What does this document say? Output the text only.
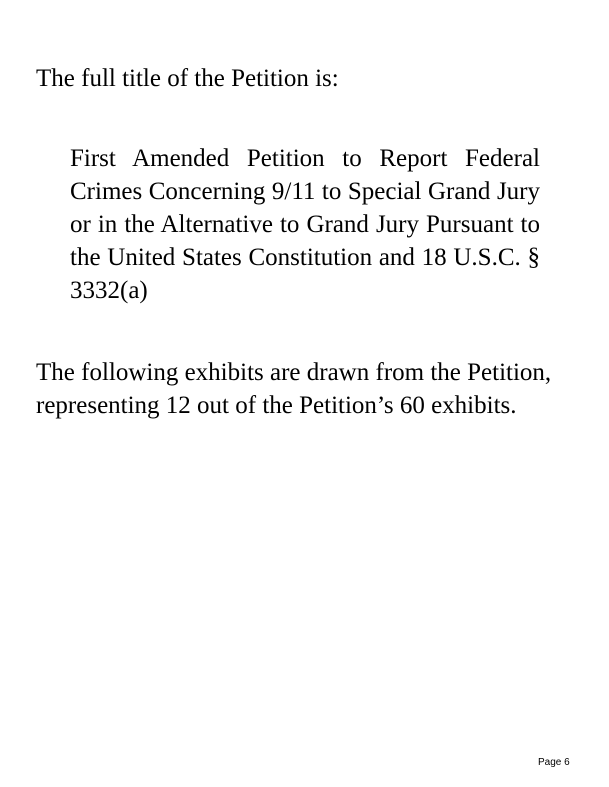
The full title of the Petition is:

First Amended Petition to Report Federal Crimes Concerning 9/11 to Special Grand Jury or in the Alternative to Grand Jury Pursuant to the United States Constitution and 18 U.S.C. § 3332(a)

The following exhibits are drawn from the Petition, representing 12 out of the Petition’s 60 exhibits.

Page 6
